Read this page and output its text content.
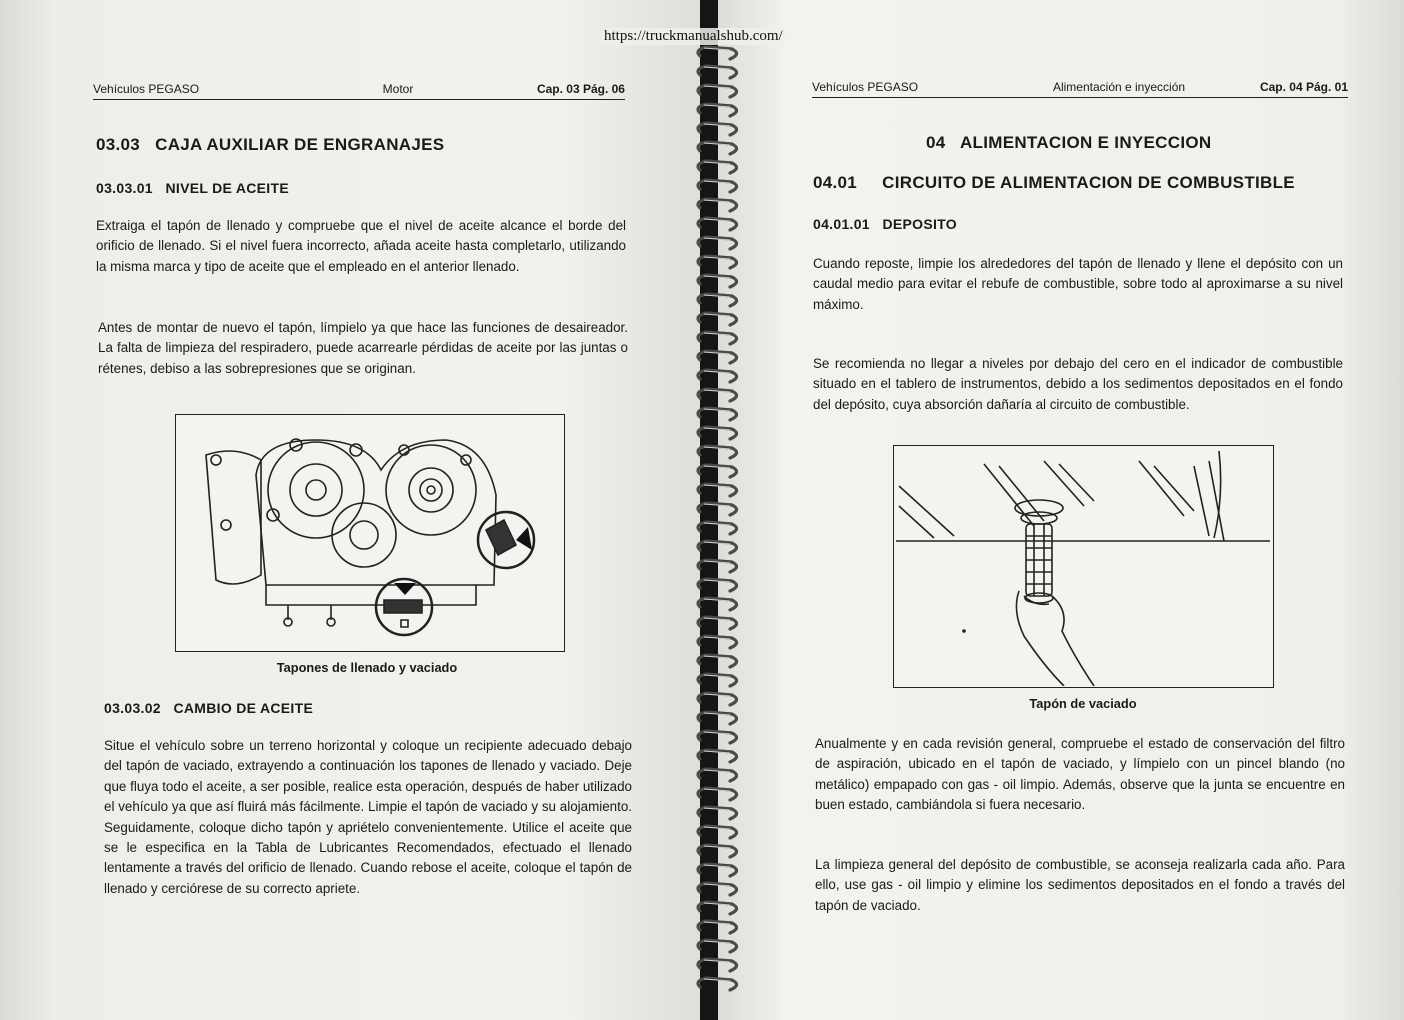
Vehículos PEGASO	Motor	Cap. 03 Pág. 06
03.03   CAJA AUXILIAR DE ENGRANAJES
03.03.01   NIVEL DE ACEITE

Extraiga el tapón de llenado y compruebe que el nivel de aceite alcance el borde del orificio de llenado. Si el nivel fuera incorrecto, añada aceite hasta completarlo, utilizando la misma marca y tipo de aceite que el empleado en el anterior llenado.

Antes de montar de nuevo el tapón, límpielo ya que hace las funciones de desaireador. La falta de limpieza del respiradero, puede acarrearle pérdidas de aceite por las juntas o rétenes, debiso a las sobrepresiones que se originan.

Tapones de llenado y vaciado
03.03.02   CAMBIO DE ACEITE

Situe el vehículo sobre un terreno horizontal y coloque un recipiente adecuado debajo del tapón de vaciado, extrayendo a continuación los tapones de llenado y vaciado. Deje que fluya todo el aceite, a ser posible, realice esta operación, después de haber utilizado el vehículo ya que así fluirá más fácilmente. Limpie el tapón de vaciado y su alojamiento. Seguidamente, coloque dicho tapón y apriételo convenientemente. Utilice el aceite que se le especifica en la Tabla de Lubricantes Recomendados, efectuado el llenado lentamente a través del orificio de llenado. Cuando rebose el aceite, coloque el tapón de llenado y cerciórese de su correcto apriete.

Vehículos PEGASO	Alimentación e inyección	Cap. 04 Pág. 01
04   ALIMENTACION E INYECCION
04.01     CIRCUITO DE ALIMENTACION DE COMBUSTIBLE
04.01.01   DEPOSITO

Cuando reposte, limpie los alrededores del tapón de llenado y llene el depósito con un caudal medio para evitar el rebufe de combustible, sobre todo al aproximarse a su nivel máximo.

Se recomienda no llegar a niveles por debajo del cero en el indicador de combustible situado en el tablero de instrumentos, debido a los sedimentos depositados en el fondo del depósito, cuya absorción dañaría al circuito de combustible.

Tapón de vaciado

Anualmente y en cada revisión general, compruebe el estado de conservación del filtro de aspiración, ubicado en el tapón de vaciado, y límpielo con un pincel blando (no metálico) empapado con gas - oil limpio. Además, observe que la junta se encuentre en buen estado, cambiándola si fuera necesario.

La limpieza general del depósito de combustible, se aconseja realizarla cada año. Para ello, use gas - oil limpio y elimine los sedimentos depositados en el fondo a través del tapón de vaciado.

https://truckmanualshub.com/
